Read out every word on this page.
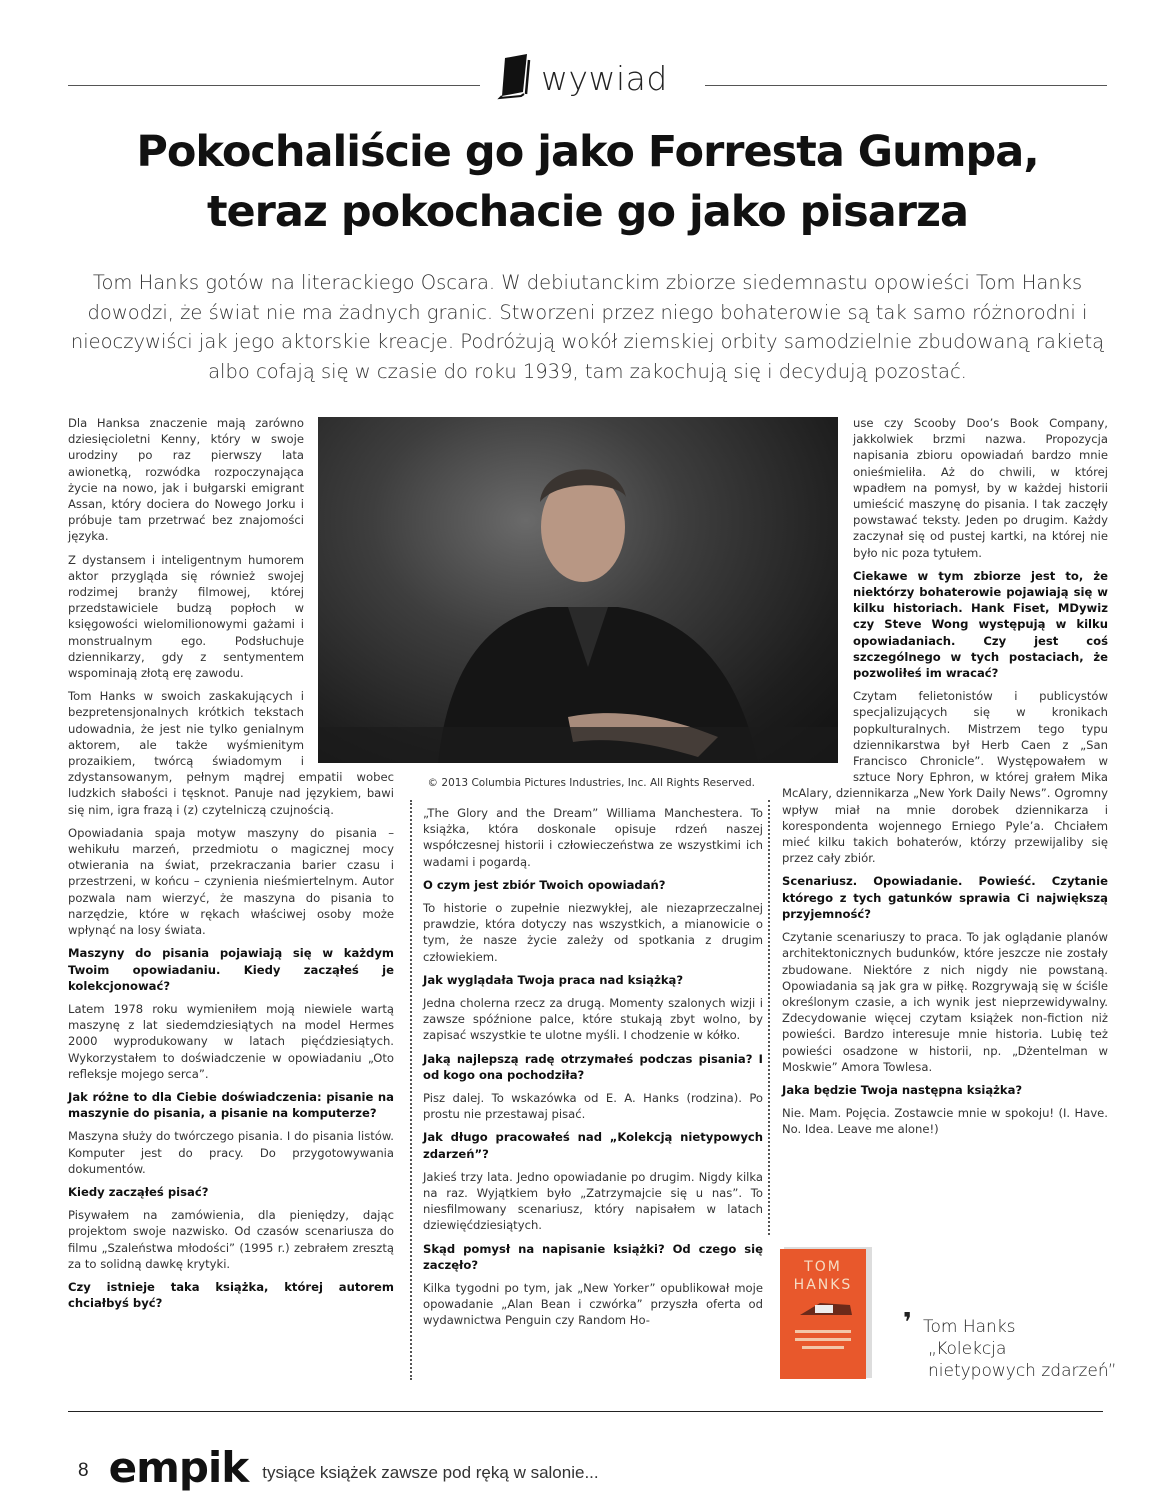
wywiad
Pokochaliście go jako Forresta Gumpa,
teraz pokochacie go jako pisarza
Tom Hanks gotów na literackiego Oscara. W debiutanckim zbiorze siedemnastu opowieści Tom Hanks dowodzi, że świat nie ma żadnych granic. Stworzeni przez niego bohaterowie są tak samo różnorodni i nieoczywiści jak jego aktorskie kreacje. Podróżują wokół ziemskiej orbity samodzielnie zbudowaną rakietą albo cofają się w czasie do roku 1939, tam zakochują się i decydują pozostać.

Dla Hanksa znaczenie mają zarówno dziesięcioletni Kenny, który w swoje urodziny po raz pierwszy lata awionetką, rozwódka rozpoczynająca życie na nowo, jak i bułgarski emigrant Assan, który dociera do Nowego Jorku i próbuje tam przetrwać bez znajomości języka.

Z dystansem i inteligentnym humorem aktor przygląda się również swojej rodzimej branży filmowej, której przedstawiciele budzą popłoch w księgowości wielomilionowymi gażami i monstrualnym ego. Podsłuchuje dziennikarzy, gdy z sentymentem wspominają złotą erę zawodu.

Tom Hanks w swoich zaskakujących i bezpretensjonalnych krótkich tekstach udowadnia, że jest nie tylko genialnym aktorem, ale także wyśmienitym prozaikiem, twórcą świadomym i zdystansowanym, pełnym mądrej empatii wobec ludzkich słabości i tęsknot. Panuje nad językiem, bawi się nim, igra frazą i (z) czytelniczą czujnością.

Opowiadania spaja motyw maszyny do pisania – wehikułu marzeń, przedmiotu o magicznej mocy otwierania na świat, przekraczania barier czasu i przestrzeni, w końcu – czynienia nieśmiertelnym. Autor pozwala nam wierzyć, że maszyna do pisania to narzędzie, które w rękach właściwej osoby może wpłynąć na losy świata.

Maszyny do pisania pojawiają się w każdym Twoim opowiadaniu. Kiedy zacząłeś je kolekcjonować?

Latem 1978 roku wymieniłem moją niewiele wartą maszynę z lat siedemdziesiątych na model Hermes 2000 wyprodukowany w latach pięćdziesiątych. Wykorzystałem to doświadczenie w opowiadaniu „Oto refleksje mojego serca”.

Jak różne to dla Ciebie doświadczenia: pisanie na maszynie do pisania, a pisanie na komputerze?

Maszyna służy do twórczego pisania. I do pisania listów. Komputer jest do pracy. Do przygotowywania dokumentów.

Kiedy zacząłeś pisać?

Pisywałem na zamówienia, dla pieniędzy, dając projektom swoje nazwisko. Od czasów scenariusza do filmu „Szaleństwa młodości” (1995 r.) zebrałem zresztą za to solidną dawkę krytyki.

Czy istnieje taka książka, której autorem chciałbyś być?

„The Glory and the Dream” Williama Manchestera. To książka, która doskonale opisuje rdzeń naszej współczesnej historii i człowieczeństwa ze wszystkimi ich wadami i pogardą.

O czym jest zbiór Twoich opowiadań?

To historie o zupełnie niezwykłej, ale niezaprzeczalnej prawdzie, która dotyczy nas wszystkich, a mianowicie o tym, że nasze życie zależy od spotkania z drugim człowiekiem.

Jak wyglądała Twoja praca nad książką?

Jedna cholerna rzecz za drugą. Momenty szalonych wizji i zawsze spóźnione palce, które stukają zbyt wolno, by zapisać wszystkie te ulotne myśli. I chodzenie w kółko.

Jaką najlepszą radę otrzymałeś podczas pisania? I od kogo ona pochodziła?

Pisz dalej. To wskazówka od E. A. Hanks (rodzina). Po prostu nie przestawaj pisać.

Jak długo pracowałeś nad „Kolekcją nietypowych zdarzeń”?

Jakieś trzy lata. Jedno opowiadanie po drugim. Nigdy kilka na raz. Wyjątkiem było „Zatrzymajcie się u nas”. To niesfilmowany scenariusz, który napisałem w latach dziewięćdziesiątych.

Skąd pomysł na napisanie książki? Od czego się zaczęło?

Kilka tygodni po tym, jak „New Yorker” opublikował moje opowadanie „Alan Bean i czwórka” przyszła oferta od wydawnictwa Penguin czy Random Ho-

use czy Scooby Doo’s Book Company, jakkolwiek brzmi nazwa. Propozycja napisania zbioru opowiadań bardzo mnie onieśmieliła. Aż do chwili, w której wpadłem na pomysł, by w każdej historii umieścić maszynę do pisania. I tak zaczęły powstawać teksty. Jeden po drugim. Każdy zaczynał się od pustej kartki, na której nie było nic poza tytułem.

Ciekawe w tym zbiorze jest to, że niektórzy bohaterowie pojawiają się w kilku historiach. Hank Fiset, MDywiz czy Steve Wong występują w kilku opowiadaniach. Czy jest coś szczególnego w tych postaciach, że pozwoliłeś im wracać?

Czytam felietonistów i publicystów specjalizujących się w kronikach popkulturalnych. Mistrzem tego typu dziennikarstwa był Herb Caen z „San Francisco Chronicle”. Występowałem w sztuce Nory Ephron, w której grałem Mika McAlary, dziennikarza „New York Daily News”. Ogromny wpływ miał na mnie dorobek dziennikarza i korespondenta wojennego Erniego Pyle’a. Chciałem mieć kilku takich bohaterów, którzy przewijaliby się przez cały zbiór.

Scenariusz. Opowiadanie. Powieść. Czytanie którego z tych gatunków sprawia Ci największą przyjemność?

Czytanie scenariuszy to praca. To jak oglądanie planów architektonicznych budunków, które jeszcze nie zostały zbudowane. Niektóre z nich nigdy nie powstaną. Opowiadania są jak gra w piłkę. Rozgrywają się w ściśle określonym czasie, a ich wynik jest nieprzewidywalny. Zdecydowanie więcej czytam książek non-fiction niż powieści. Bardzo interesuje mnie historia. Lubię też powieści osadzone w historii, np. „Dżentelman w Moskwie” Amora Towlesa.

Jaka będzie Twoja następna książka?

Nie. Mam. Pojęcia. Zostawcie mnie w spokoju! (I. Have. No. Idea. Leave me alone!)

© 2013 Columbia Pictures Industries, Inc. All Rights Reserved.
TOM
HANKS
❜ Tom Hanks
„Kolekcja
nietypowych zdarzeń”
8 empik tysiące książek zawsze pod ręką w salonie...
